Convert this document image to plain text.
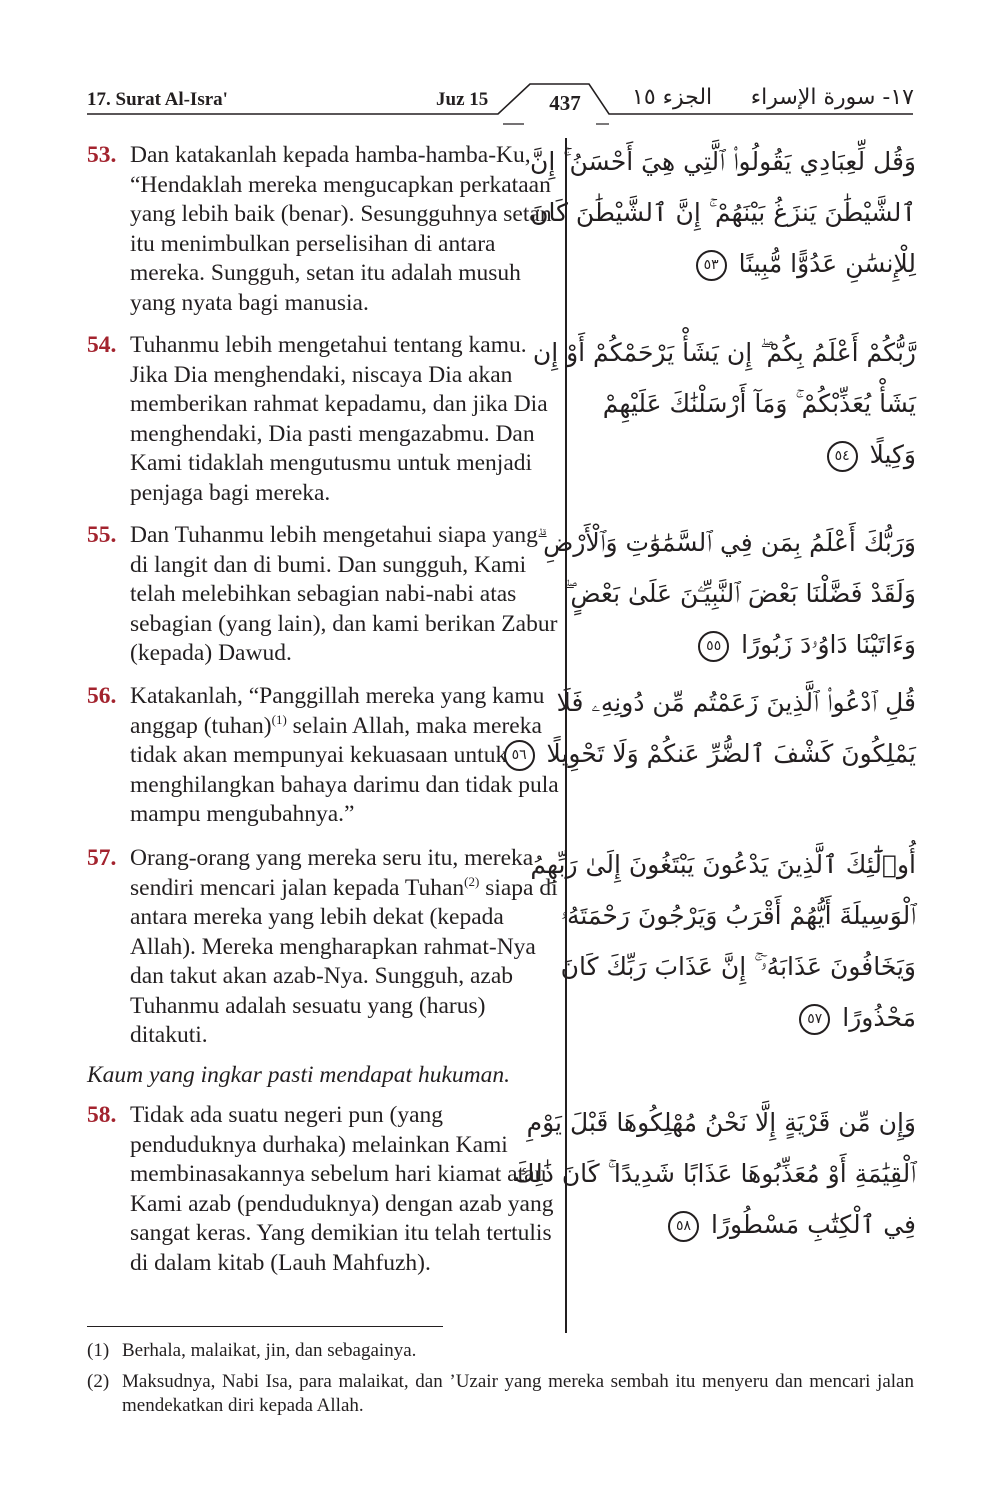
17. Surat Al-Isra'	Juz 15	437	الجزء ١٥ ١٧- سورة الإسراء
53. Dan katakanlah kepada hamba-hamba-Ku, “Hendaklah mereka mengucapkan perkataan yang lebih baik (benar). Sesungguhnya setan itu menimbulkan perselisihan di antara mereka. Sungguh, setan itu adalah musuh yang nyata bagi manusia.
وَقُل لِّعِبَادِي يَقُولُوا۟ ٱلَّتِي هِيَ أَحْسَنُ ۚ إِنَّ
ٱلشَّيْطَٰنَ يَنزَغُ بَيْنَهُمْ ۚ إِنَّ ٱلشَّيْطَٰنَ كَانَ
لِلْإِنسَٰنِ عَدُوًّا مُّبِينًا ٥٣
54. Tuhanmu lebih mengetahui tentang kamu. Jika Dia menghendaki, niscaya Dia akan memberikan rahmat kepadamu, dan jika Dia menghendaki, Dia pasti mengazabmu. Dan Kami tidaklah mengutusmu untuk menjadi penjaga bagi mereka.
رَّبُّكُمْ أَعْلَمُ بِكُمْ ۖ إِن يَشَأْ يَرْحَمْكُمْ أَوْ إِن
يَشَأْ يُعَذِّبْكُمْ ۚ وَمَآ أَرْسَلْنَٰكَ عَلَيْهِمْ
وَكِيلًا ٥٤
55. Dan Tuhanmu lebih mengetahui siapa yang di langit dan di bumi. Dan sungguh, Kami telah melebihkan sebagian nabi-nabi atas sebagian (yang lain), dan kami berikan Zabur (kepada) Dawud.
وَرَبُّكَ أَعْلَمُ بِمَن فِي ٱلسَّمَٰوَٰتِ وَٱلْأَرْضِ ۗ
وَلَقَدْ فَضَّلْنَا بَعْضَ ٱلنَّبِيِّـۧنَ عَلَىٰ بَعْضٍ ۖ
وَءَاتَيْنَا دَاوُۥدَ زَبُورًا ٥٥
56. Katakanlah, “Panggillah mereka yang kamu anggap (tuhan)$^{(1)}$ selain Allah, maka mereka tidak akan mempunyai kekuasaan untuk menghilangkan bahaya darimu dan tidak pula mampu mengubahnya.”
قُلِ ٱدْعُوا۟ ٱلَّذِينَ زَعَمْتُم مِّن دُونِهِۦ فَلَا
يَمْلِكُونَ كَشْفَ ٱلضُّرِّ عَنكُمْ وَلَا تَحْوِيلًا ٥٦
57. Orang-orang yang mereka seru itu, mereka sendiri mencari jalan kepada Tuhan$^{(2)}$ siapa di antara mereka yang lebih dekat (kepada Allah). Mereka mengharapkan rahmat-Nya dan takut akan azab-Nya. Sungguh, azab Tuhanmu adalah sesuatu yang (harus) ditakuti.
أُو۟لَٰٓئِكَ ٱلَّذِينَ يَدْعُونَ يَبْتَغُونَ إِلَىٰ رَبِّهِمُ
ٱلْوَسِيلَةَ أَيُّهُمْ أَقْرَبُ وَيَرْجُونَ رَحْمَتَهُۥ
وَيَخَافُونَ عَذَابَهُۥٓ ۚ إِنَّ عَذَابَ رَبِّكَ كَانَ
مَحْذُورًا ٥٧
Kaum yang ingkar pasti mendapat hukuman.
58. Tidak ada suatu negeri pun (yang penduduknya durhaka) melainkan Kami membinasakannya sebelum hari kiamat atau Kami azab (penduduknya) dengan azab yang sangat keras. Yang demikian itu telah tertulis di dalam kitab (Lauh Mahfuzh).
وَإِن مِّن قَرْيَةٍ إِلَّا نَحْنُ مُهْلِكُوهَا قَبْلَ يَوْمِ
ٱلْقِيَٰمَةِ أَوْ مُعَذِّبُوهَا عَذَابًا شَدِيدًا ۚ كَانَ ذَٰلِكَ
فِي ٱلْكِتَٰبِ مَسْطُورًا ٥٨
(1) Berhala, malaikat, jin, dan sebagainya.
(2) Maksudnya, Nabi Isa, para malaikat, dan ’Uzair yang mereka sembah itu menyeru dan mencari jalan mendekatkan diri kepada Allah.
